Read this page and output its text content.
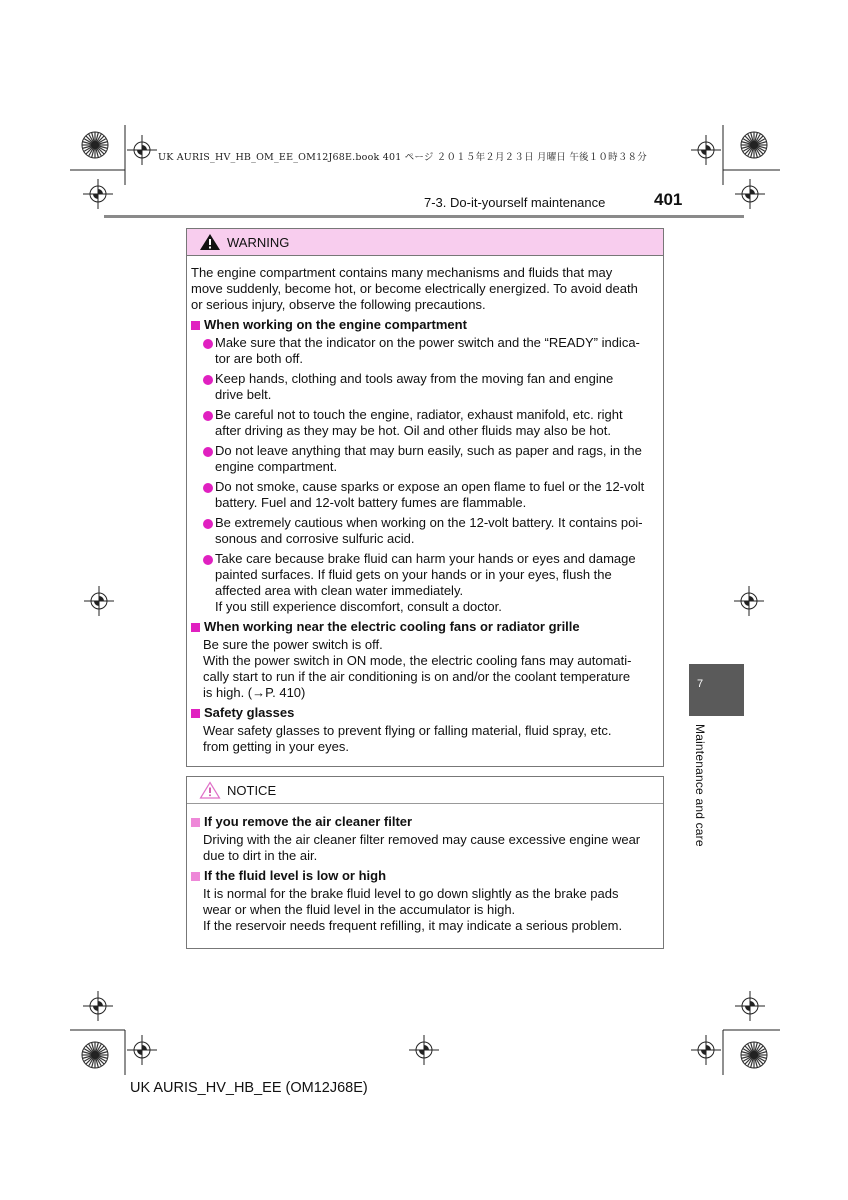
UK AURIS_HV_HB_OM_EE_OM12J68E.book 401 ページ ２０１５年２月２３日 月曜日 午後１０時３８分
7-3. Do-it-yourself maintenance	401
WARNING
The engine compartment contains many mechanisms and fluids that may
move suddenly, become hot, or become electrically energized. To avoid death
or serious injury, observe the following precautions.
When working on the engine compartment
Make sure that the indicator on the power switch and the “READY” indica-
tor are both off.
Keep hands, clothing and tools away from the moving fan and engine
drive belt.
Be careful not to touch the engine, radiator, exhaust manifold, etc. right
after driving as they may be hot. Oil and other fluids may also be hot.
Do not leave anything that may burn easily, such as paper and rags, in the
engine compartment.
Do not smoke, cause sparks or expose an open flame to fuel or the 12-volt
battery. Fuel and 12-volt battery fumes are flammable.
Be extremely cautious when working on the 12-volt battery. It contains poi-
sonous and corrosive sulfuric acid.
Take care because brake fluid can harm your hands or eyes and damage
painted surfaces. If fluid gets on your hands or in your eyes, flush the
affected area with clean water immediately.
If you still experience discomfort, consult a doctor.
When working near the electric cooling fans or radiator grille
Be sure the power switch is off.
With the power switch in ON mode, the electric cooling fans may automati-
cally start to run if the air conditioning is on and/or the coolant temperature
is high. (→P. 410)
Safety glasses
Wear safety glasses to prevent flying or falling material, fluid spray, etc.
from getting in your eyes.
NOTICE
If you remove the air cleaner filter
Driving with the air cleaner filter removed may cause excessive engine wear
due to dirt in the air.
If the fluid level is low or high
It is normal for the brake fluid level to go down slightly as the brake pads
wear or when the fluid level in the accumulator is high.
If the reservoir needs frequent refilling, it may indicate a serious problem.
7
Maintenance and care
UK AURIS_HV_HB_EE (OM12J68E)
